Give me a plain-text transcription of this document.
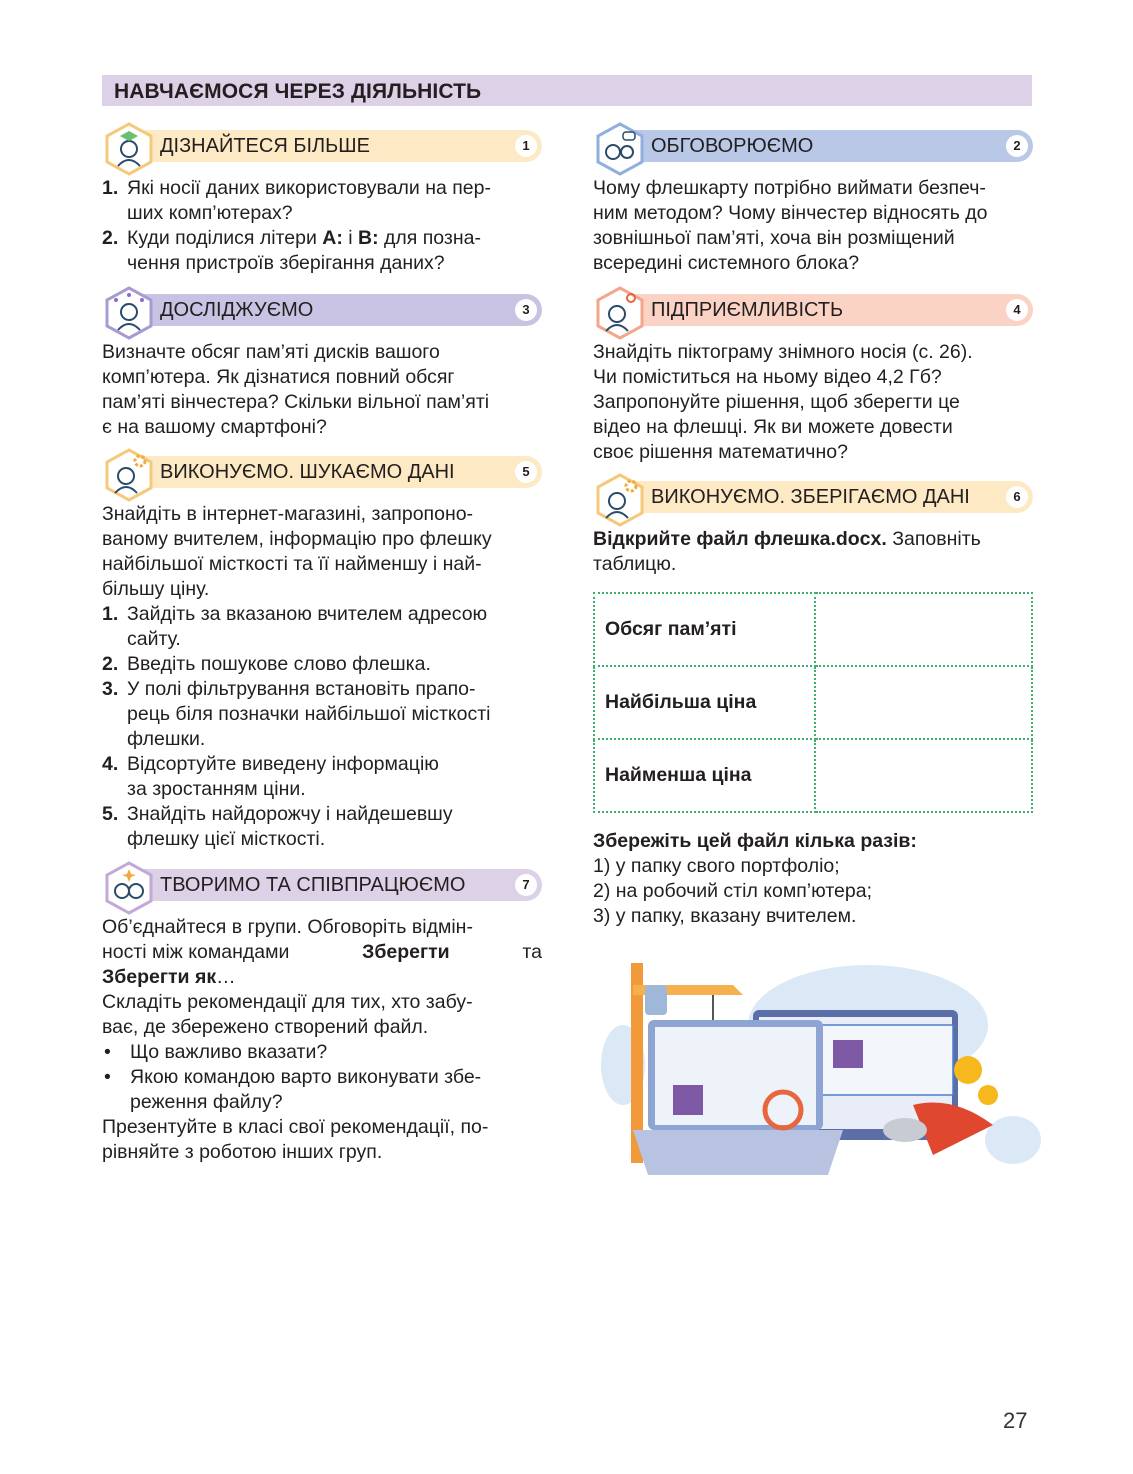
НАВЧАЄМОСЯ ЧЕРЕЗ ДІЯЛЬНІСТЬ
ДІЗНАЙТЕСЯ БІЛЬШЕ	1
1. Які носії даних використовували на пер-
ших комп’ютерах?
2. Куди поділися літери A: і B: для позна-
чення пристроїв зберігання даних?
ОБГОВОРЮЄМО	2
Чому флешкарту потрібно виймати безпеч-
ним методом? Чому вінчестер відносять до
зовнішньої пам’яті, хоча він розміщений
всередині системного блока?
ДОСЛІДЖУЄМО	3
Визначте обсяг пам’яті дисків вашого
комп’ютера. Як дізнатися повний обсяг
пам’яті вінчестера? Скільки вільної пам’яті
є на вашому смартфоні?
ПІДПРИЄМЛИВІСТЬ	4
Знайдіть піктограму знімного носія (с. 26).
Чи поміститься на ньому відео 4,2 Гб?
Запропонуйте рішення, щоб зберегти це
відео на флешці. Як ви можете довести
своє рішення математично?
ВИКОНУЄМО. ШУКАЄМО ДАНІ	5
Знайдіть в інтернет-магазині, запропоно-
ваному вчителем, інформацію про флешку
найбільшої місткості та її найменшу і най-
більшу ціну.
1. Зайдіть за вказаною вчителем адресою
сайту.
2. Введіть пошукове слово флешка.
3. У полі фільтрування встановіть прапо-
рець біля позначки найбільшої місткості
флешки.
4. Відсортуйте виведену інформацію
за зростанням ціни.
5. Знайдіть найдорожчу і найдешевшу
флешку цієї місткості.
ВИКОНУЄМО. ЗБЕРІГАЄМО ДАНІ	6
Відкрийте файл флешка.docx. Заповніть
таблицю.
Обсяг пам’яті	
Найбільша ціна	
Найменша ціна	
Збережіть цей файл кілька разів:
1) у папку свого портфоліо;
2) на робочий стіл комп’ютера;
3) у папку, вказану вчителем.
ТВОРИМО ТА СПІВПРАЦЮЄМО	7
Об’єднайтеся в групи. Обговоріть відмін-
ності між командами	Зберегти	та
Зберегти як…
Складіть рекомендації для тих, хто забу-
ває, де збережено створений файл.
• Що важливо вказати?
• Якою командою варто виконувати збе-
реження файлу?
Презентуйте в класі свої рекомендації, по-
рівняйте з роботою інших груп.
27
